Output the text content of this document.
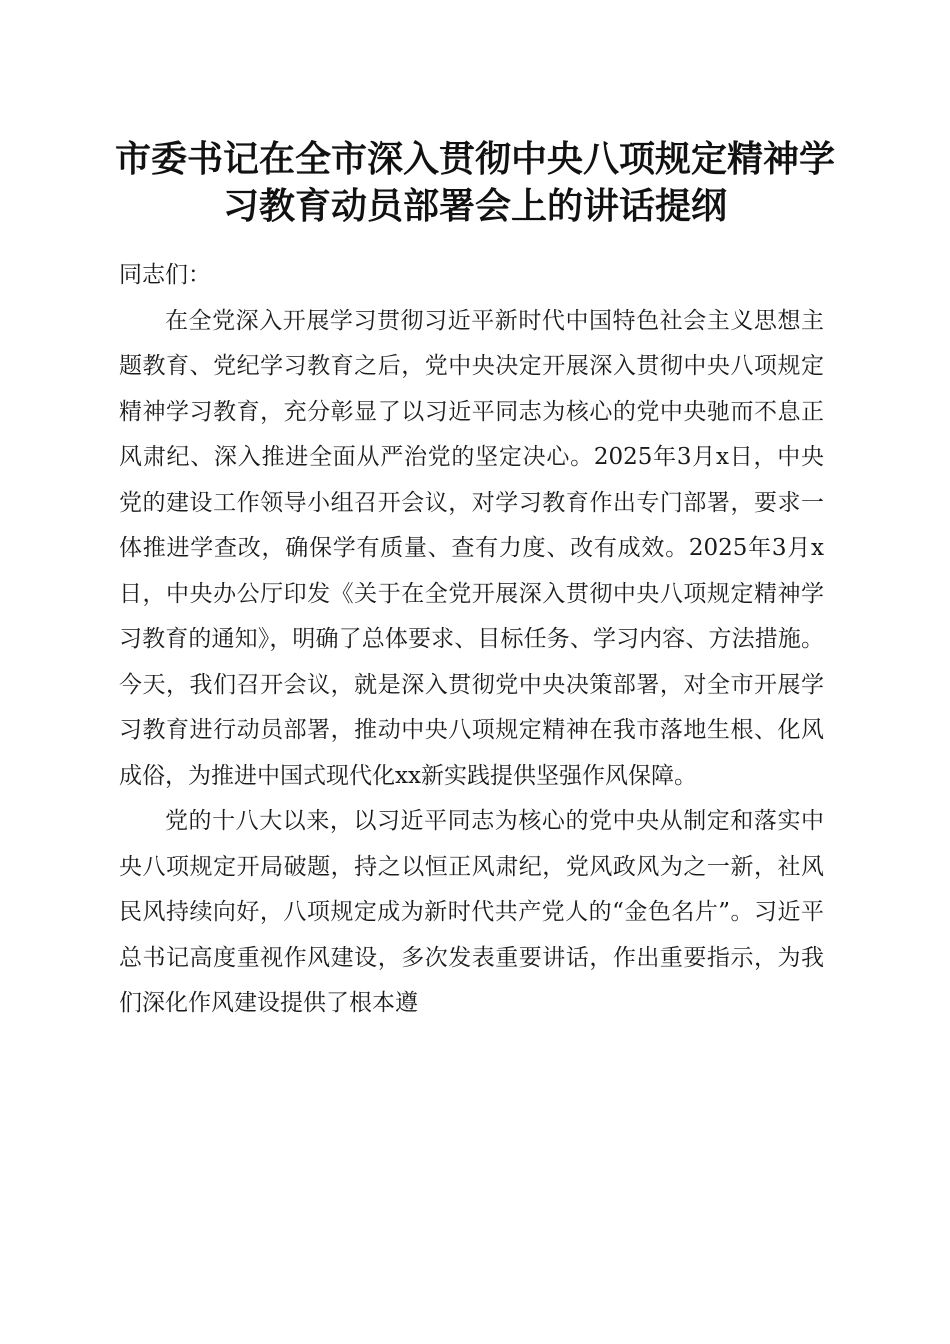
市委书记在全市深入贯彻中央八项规定精神学习教育动员部署会上的讲话提纲

同志们：

在全党深入开展学习贯彻习近平新时代中国特色社会主义思想主题教育、党纪学习教育之后，党中央决定开展深入贯彻中央八项规定精神学习教育，充分彰显了以习近平同志为核心的党中央驰而不息正风肃纪、深入推进全面从严治党的坚定决心。2025年3月x日，中央党的建设工作领导小组召开会议，对学习教育作出专门部署，要求一体推进学查改，确保学有质量、查有力度、改有成效。2025年3月x日，中央办公厅印发《关于在全党开展深入贯彻中央八项规定精神学习教育的通知》，明确了总体要求、目标任务、学习内容、方法措施。今天，我们召开会议，就是深入贯彻党中央决策部署，对全市开展学习教育进行动员部署，推动中央八项规定精神在我市落地生根、化风成俗，为推进中国式现代化xx新实践提供坚强作风保障。

党的十八大以来，以习近平同志为核心的党中央从制定和落实中央八项规定开局破题，持之以恒正风肃纪，党风政风为之一新，社风民风持续向好，八项规定成为新时代共产党人的“金色名片”。习近平总书记高度重视作风建设，多次发表重要讲话，作出重要指示，为我们深化作风建设提供了根本遵
